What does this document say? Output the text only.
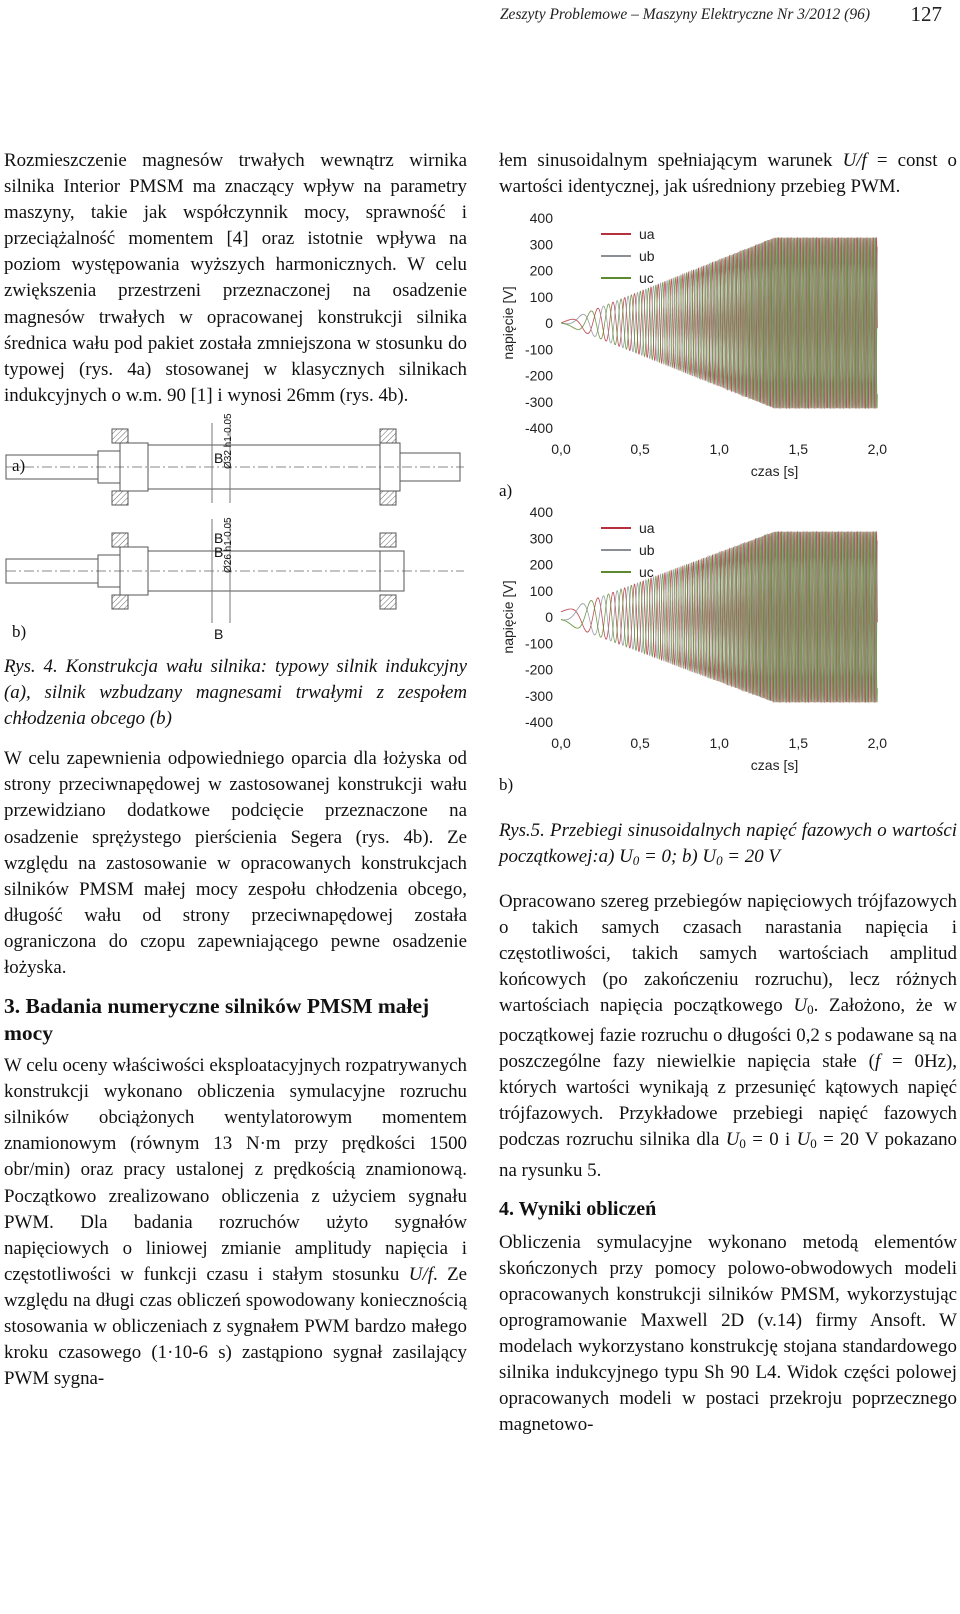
Zeszyty Problemowe – Maszyny Elektryczne Nr 3/2012 (96) 127

Rozmieszczenie magnesów trwałych wewnątrz wirnika silnika Interior PMSM ma znaczący wpływ na parametry maszyny, takie jak współczynnik mocy, sprawność i przeciążalność momentem [4] oraz istotnie wpływa na poziom występowania wyższych harmonicznych. W celu zwiększenia przestrzeni przeznaczonej na osadzenie magnesów trwałych w opracowanej konstrukcji silnika średnica wału pod pakiet została zmniejszona w stosunku do typowej (rys. 4a) stosowanej w klasycznych silnikach indukcyjnych o w.m. 90 [1] i wynosi 26mm (rys. 4b).

a)
b)
B
B
B
B
Ø32 h1-0.05
Ø26 h1-0.05

Rys. 4. Konstrukcja wału silnika: typowy silnik indukcyjny (a), silnik wzbudzany magnesami trwałymi z zespołem chłodzenia obcego (b)

W celu zapewnienia odpowiedniego oparcia dla łożyska od strony przeciwnapędowej w zastosowanej konstrukcji wału przewidziano dodatkowe podcięcie przeznaczone na osadzenie sprężystego pierścienia Segera (rys. 4b). Ze względu na zastosowanie w opracowanych konstrukcjach silników PMSM małej mocy zespołu chłodzenia obcego, długość wału od strony przeciwnapędowej została ograniczona do czopu zapewniającego pewne osadzenie łożyska.

3. Badania numeryczne silników PMSM małej mocy

W celu oceny właściwości eksploatacyjnych rozpatrywanych konstrukcji wykonano obliczenia symulacyjne rozruchu silników obciążonych wentylatorowym momentem znamionowym (równym 13 N·m przy prędkości 1500 obr/min) oraz pracy ustalonej z prędkością znamionową. Początkowo zrealizowano obliczenia z użyciem sygnału PWM. Dla badania rozruchów użyto sygnałów napięciowych o liniowej zmianie amplitudy napięcia i częstotliwości w funkcji czasu i stałym stosunku U/f. Ze względu na długi czas obliczeń spowodowany koniecznością stosowania w obliczeniach z sygnałem PWM bardzo małego kroku czasowego (1·10-6 s) zastąpiono sygnał zasilający PWM sygna-

łem sinusoidalnym spełniającym warunek U/f = const o wartości identycznej, jak uśredniony przebieg PWM.

400
300
200
100
0
-100
-200
-300
-400
0,0	0,5	1,0	1,5	2,0
czas [s]
napięcie [V]
ua
ub
uc
a)
400
300
200
100
0
-100
-200
-300
-400
0,0	0,5	1,0	1,5	2,0
czas [s]
napięcie [V]
ua
ub
uc
b)

Rys.5. Przebiegi sinusoidalnych napięć fazowych o wartości początkowej:a) $U_0 = 0$; b) $U_0 = 20$ V

Opracowano szereg przebiegów napięciowych trójfazowych o takich samych czasach narastania napięcia i częstotliwości, takich samych wartościach amplitud końcowych (po zakończeniu rozruchu), lecz różnych wartościach napięcia początkowego $U_0$. Założono, że w początkowej fazie rozruchu o długości 0,2 s podawane są na poszczególne fazy niewielkie napięcia stałe (f = 0Hz), których wartości wynikają z przesunięć kątowych napięć trójfazowych. Przykładowe przebiegi napięć fazowych podczas rozruchu silnika dla $U_0 = 0$ i $U_0 = 20$ V pokazano na rysunku 5.

4. Wyniki obliczeń

Obliczenia symulacyjne wykonano metodą elementów skończonych przy pomocy polowo-obwodowych modeli opracowanych konstrukcji silników PMSM, wykorzystując oprogramowanie Maxwell 2D (v.14) firmy Ansoft. W modelach wykorzystano konstrukcję stojana standardowego silnika indukcyjnego typu Sh 90 L4. Widok części polowej opracowanych modeli w postaci przekroju poprzecznego magnetowo-
